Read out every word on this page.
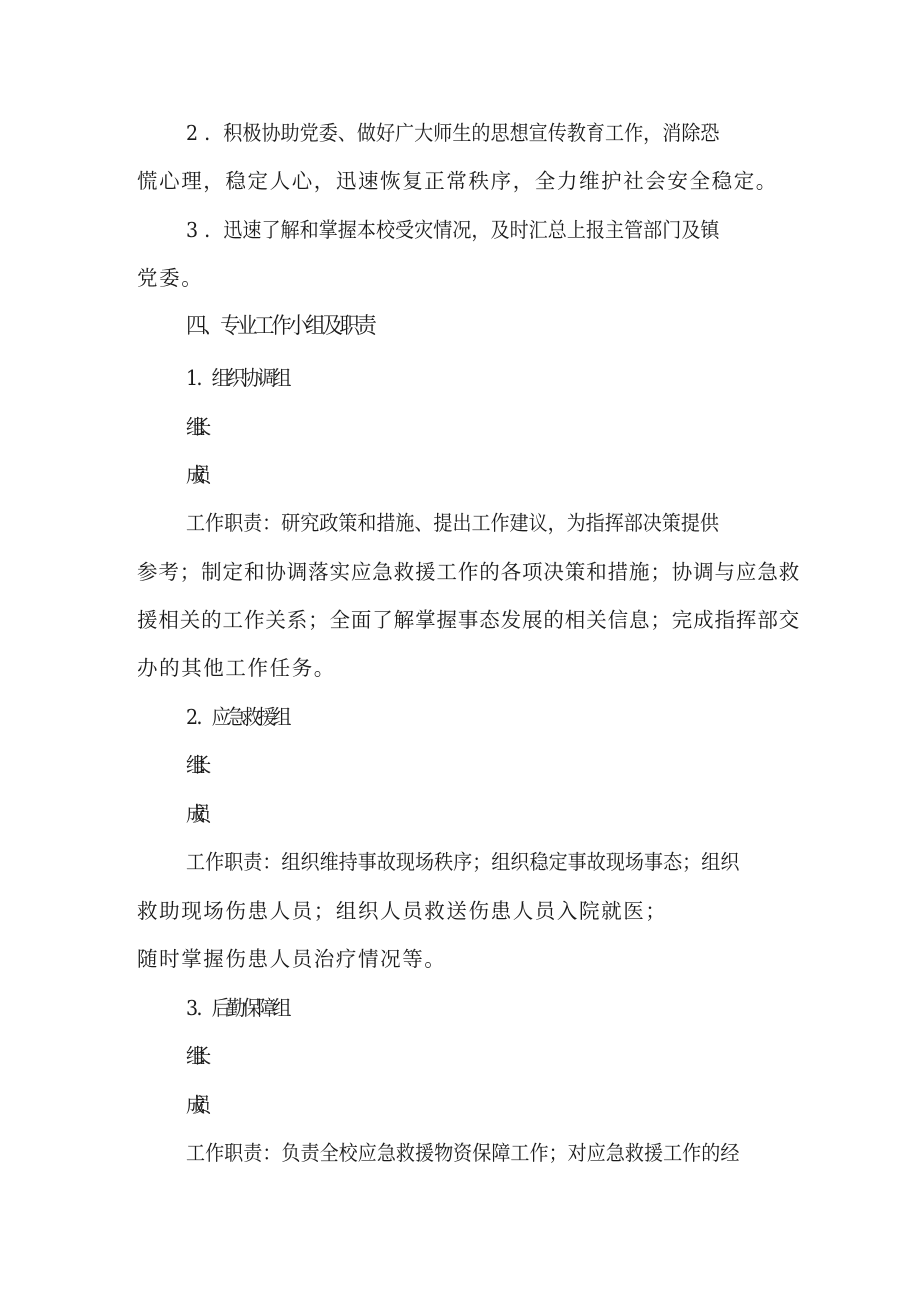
2 ．积极协助党委、做好广大师生的思想宣传教育工作，消除恐
慌心理，稳定人心，迅速恢复正常秩序，全力维护社会安全稳定。
3 ．迅速了解和掌握本校受灾情况，及时汇总上报主管部门及镇
党委。
四、专业工作小组及职责
1 ．组织协调组
组长：
成员：
工作职责：研究政策和措施、提出工作建议，为指挥部决策提供
参考；制定和协调落实应急救援工作的各项决策和措施；协调与应急救
援相关的工作关系；全面了解掌握事态发展的相关信息；完成指挥部交
办的其他工作任务。
2 ．应急救援组
组长：
成员：
工作职责：组织维持事故现场秩序；组织稳定事故现场事态；组织
救助现场伤患人员；组织人员救送伤患人员入院就医；
随时掌握伤患人员治疗情况等。
3 ．后勤保障组
组长：
成员：
工作职责：负责全校应急救援物资保障工作；对应急救援工作的经
